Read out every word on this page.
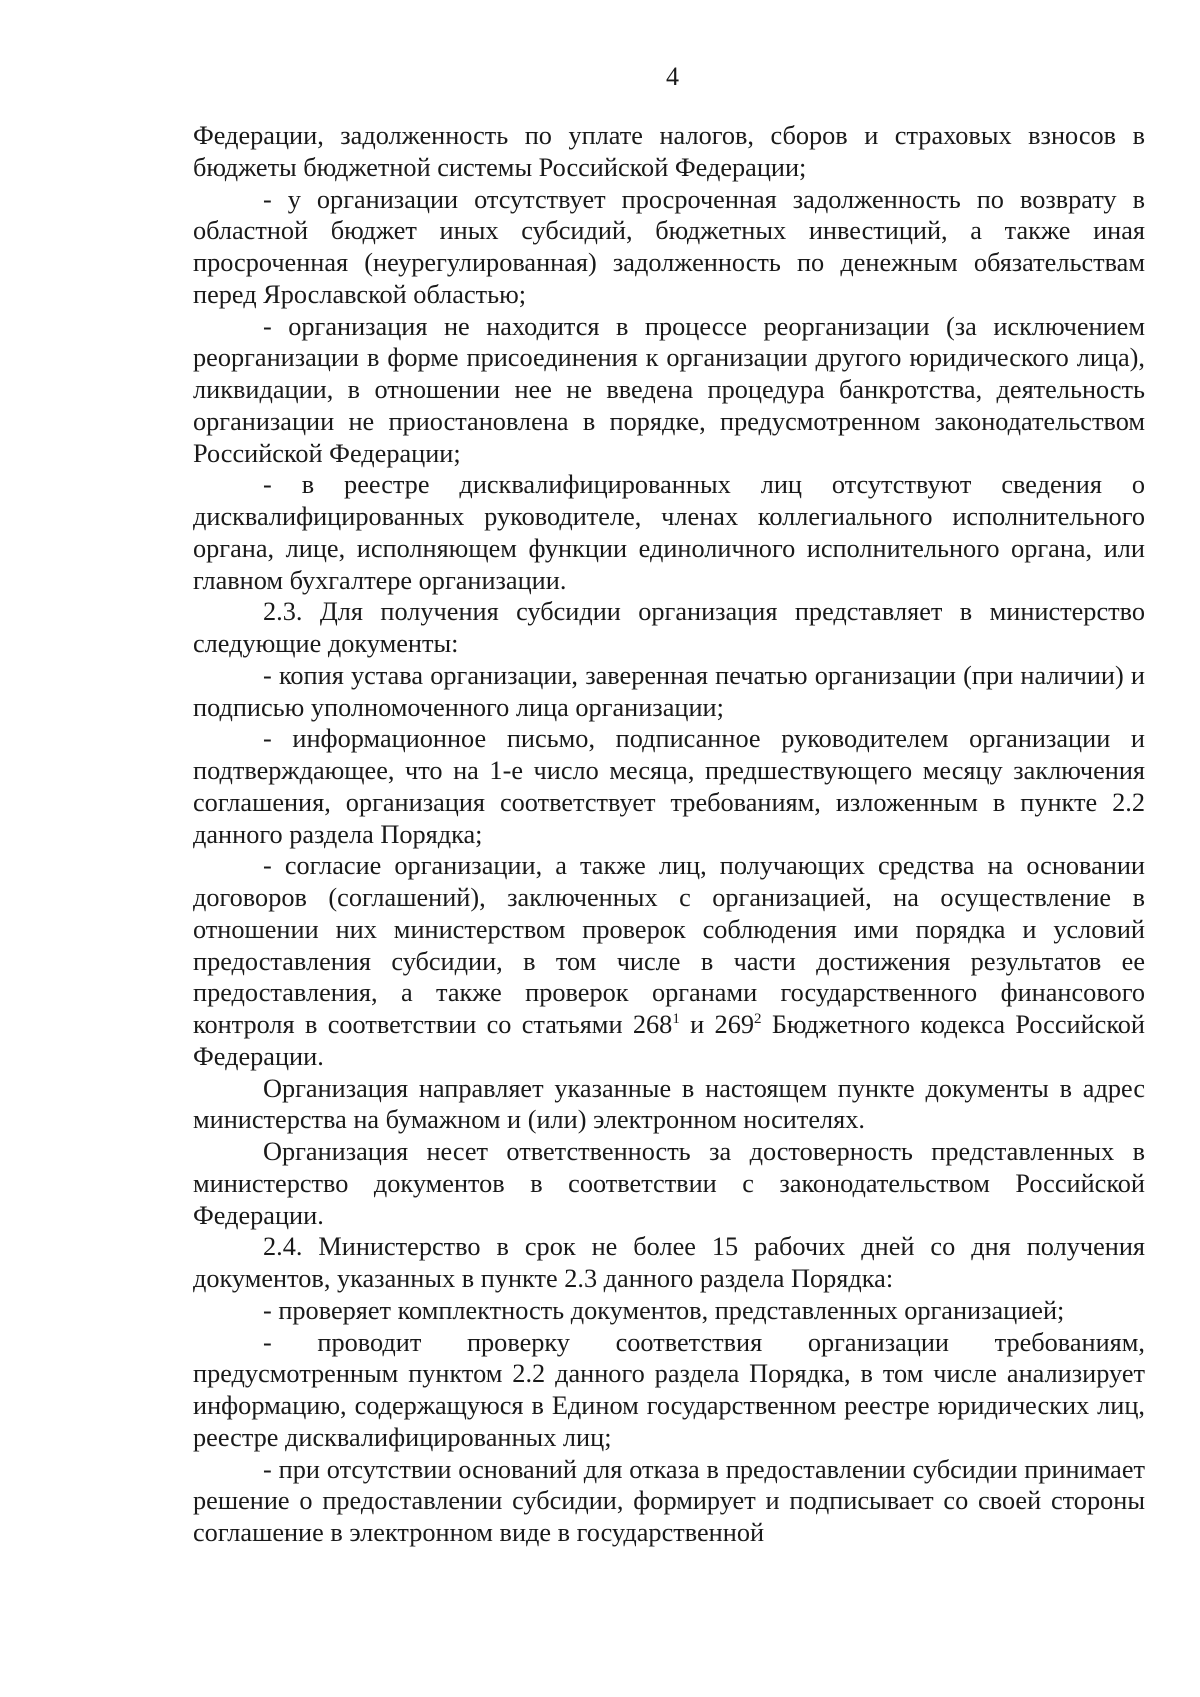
4

Федерации, задолженность по уплате налогов, сборов и страховых взносов в бюджеты бюджетной системы Российской Федерации;

- у организации отсутствует просроченная задолженность по возврату в областной бюджет иных субсидий, бюджетных инвестиций, а также иная просроченная (неурегулированная) задолженность по денежным обязательствам перед Ярославской областью;

- организация не находится в процессе реорганизации (за исключением реорганизации в форме присоединения к организации другого юридического лица), ликвидации, в отношении нее не введена процедура банкротства, деятельность организации не приостановлена в порядке, предусмотренном законодательством Российской Федерации;

- в реестре дисквалифицированных лиц отсутствуют сведения о дисквалифицированных руководителе, членах коллегиального исполнительного органа, лице, исполняющем функции единоличного исполнительного органа, или главном бухгалтере организации.

2.3. Для получения субсидии организация представляет в министерство следующие документы:

- копия устава организации, заверенная печатью организации (при наличии) и подписью уполномоченного лица организации;

- информационное письмо, подписанное руководителем организации и подтверждающее, что на 1-е число месяца, предшествующего месяцу заключения соглашения, организация соответствует требованиям, изложенным в пункте 2.2 данного раздела Порядка;

- согласие организации, а также лиц, получающих средства на основании договоров (соглашений), заключенных с организацией, на осуществление в отношении них министерством проверок соблюдения ими порядка и условий предоставления субсидии, в том числе в части достижения результатов ее предоставления, а также проверок органами государственного финансового контроля в соответствии со статьями $268^1$ и $269^2$ Бюджетного кодекса Российской Федерации.

Организация направляет указанные в настоящем пункте документы в адрес министерства на бумажном и (или) электронном носителях.

Организация несет ответственность за достоверность представленных в министерство документов в соответствии с законодательством Российской Федерации.

2.4. Министерство в срок не более 15 рабочих дней со дня получения документов, указанных в пункте 2.3 данного раздела Порядка:

- проверяет комплектность документов, представленных организацией;

- проводит проверку соответствия организации требованиям, предусмотренным пунктом 2.2 данного раздела Порядка, в том числе анализирует информацию, содержащуюся в Едином государственном реестре юридических лиц, реестре дисквалифицированных лиц;

- при отсутствии оснований для отказа в предоставлении субсидии принимает решение о предоставлении субсидии, формирует и подписывает со своей стороны соглашение в электронном виде в государственной
